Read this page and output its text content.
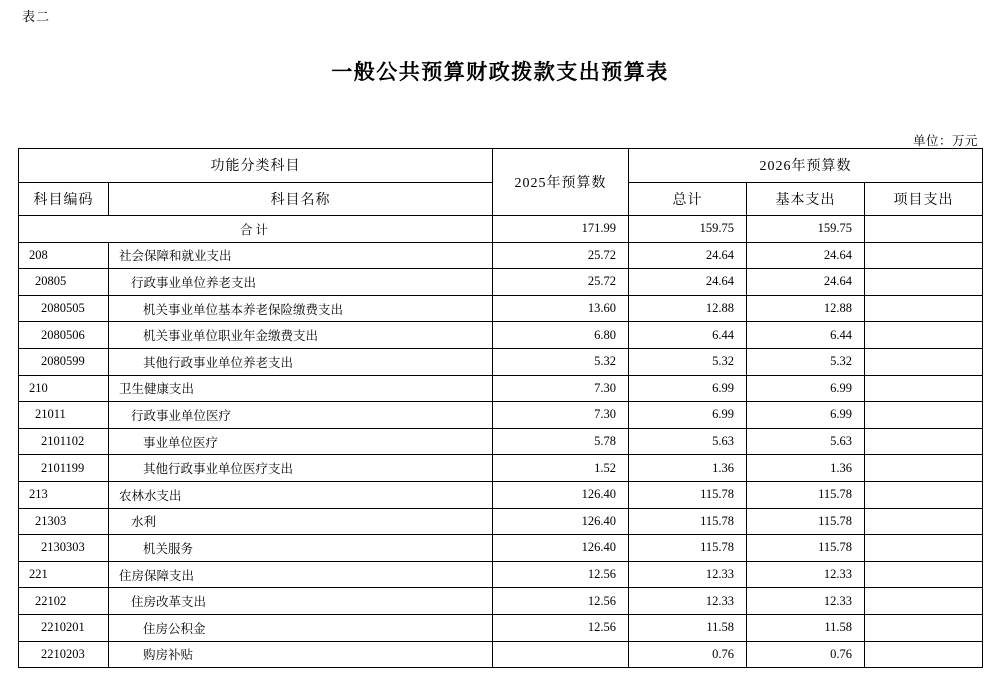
表二
一般公共预算财政拨款支出预算表
单位：万元
功能分类科目		2025年预算数	2026年预算数		
科目编码	科目名称		总计	基本支出	项目支出
合计		171.99	159.75	159.75	

208	社会保障和就业支出	25.72	24.64	24.64	

20805	行政事业单位养老支出	25.72	24.64	24.64	

2080505	机关事业单位基本养老保险缴费支出	13.60	12.88	12.88	

2080506	机关事业单位职业年金缴费支出	6.80	6.44	6.44	

2080599	其他行政事业单位养老支出	5.32	5.32	5.32	

210	卫生健康支出	7.30	6.99	6.99	

21011	行政事业单位医疗	7.30	6.99	6.99	

2101102	事业单位医疗	5.78	5.63	5.63	

2101199	其他行政事业单位医疗支出	1.52	1.36	1.36	

213	农林水支出	126.40	115.78	115.78	

21303	水利	126.40	115.78	115.78	

2130303	机关服务	126.40	115.78	115.78	

221	住房保障支出	12.56	12.33	12.33	

22102	住房改革支出	12.56	12.33	12.33	

2210201	住房公积金	12.56	11.58	11.58	

2210203	购房补贴		0.76	0.76	
